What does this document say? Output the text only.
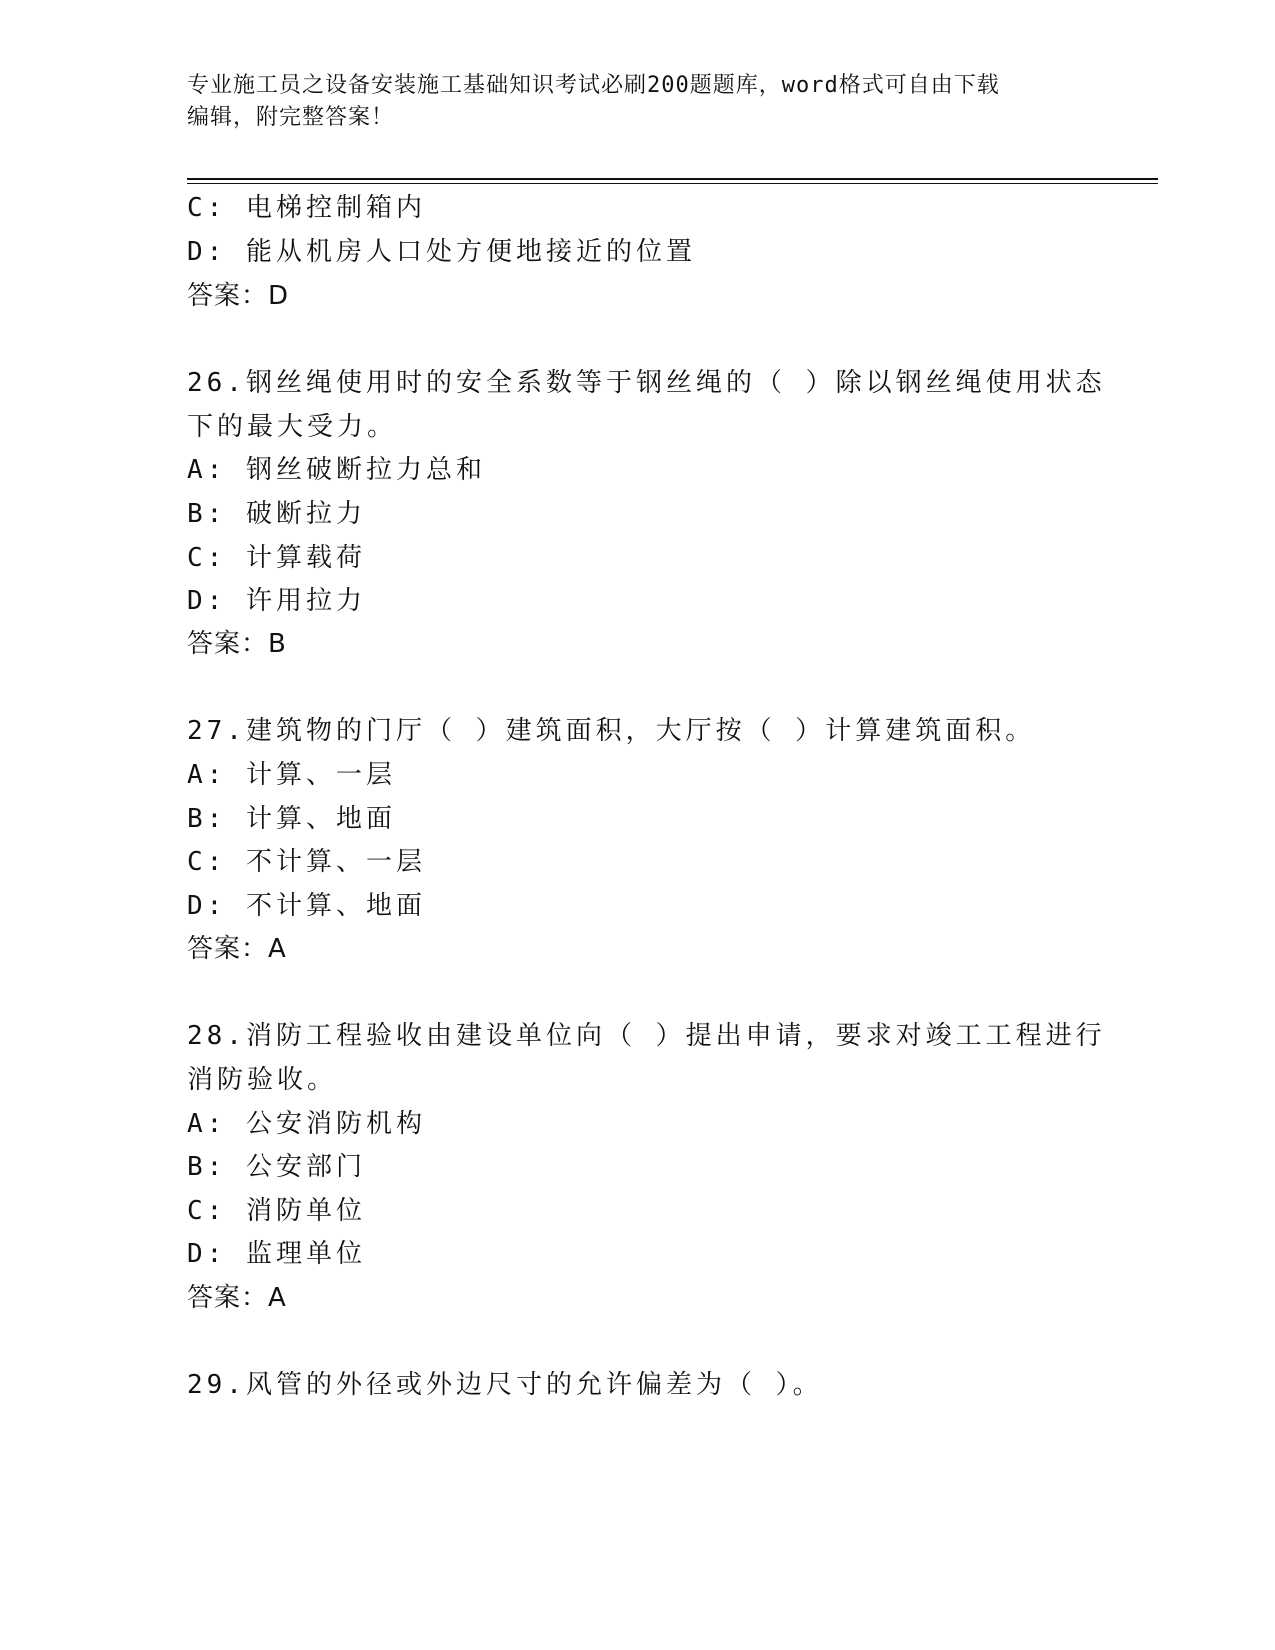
专业施工员之设备安装施工基础知识考试必刷200题题库，word格式可自由下载
编辑，附完整答案！
C: 电梯控制箱内
D: 能从机房人口处方便地接近的位置
答案：D
26.钢丝绳使用时的安全系数等于钢丝绳的（ ）除以钢丝绳使用状态
下的最大受力。
A: 钢丝破断拉力总和
B: 破断拉力
C: 计算载荷
D: 许用拉力
答案：B
27.建筑物的门厅（ ）建筑面积，大厅按（ ）计算建筑面积。
A: 计算、一层
B: 计算、地面
C: 不计算、一层
D: 不计算、地面
答案：A
28.消防工程验收由建设单位向（ ）提出申请，要求对竣工工程进行
消防验收。
A: 公安消防机构
B: 公安部门
C: 消防单位
D: 监理单位
答案：A
29.风管的外径或外边尺寸的允许偏差为（ ）。
